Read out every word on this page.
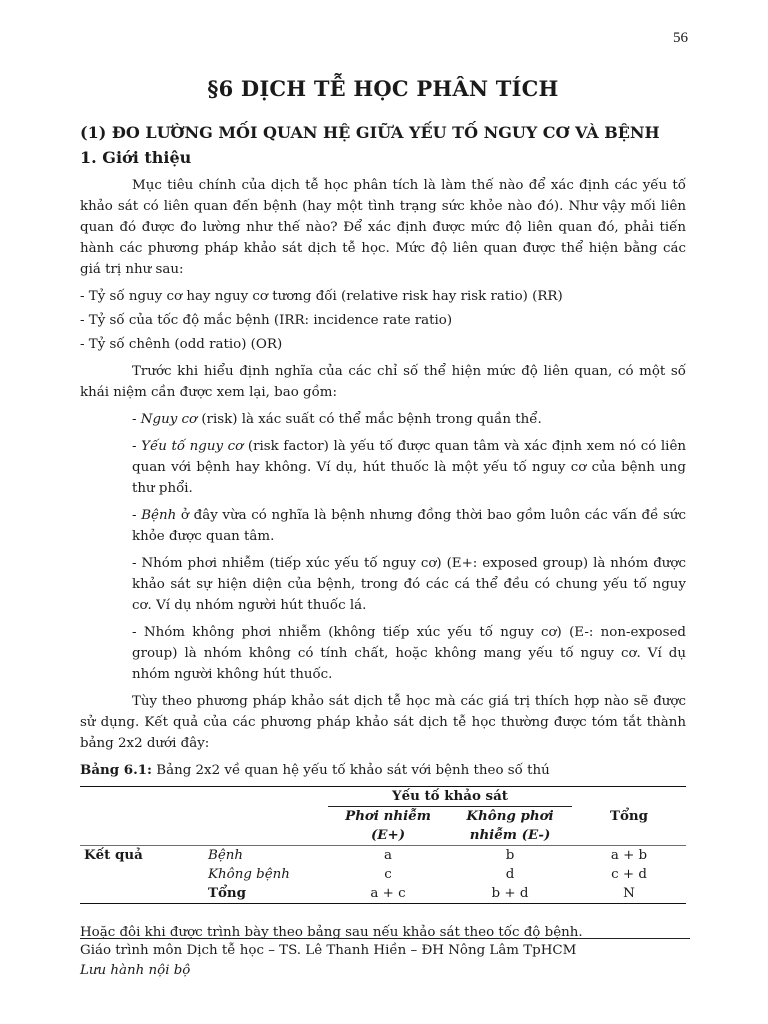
56
§6 DỊCH TỄ HỌC PHÂN TÍCH
(1) ĐO LƯỜNG MỐI QUAN HỆ GIỮA YẾU TỐ NGUY CƠ VÀ BỆNH
1. Giới thiệu

Mục tiêu chính của dịch tễ học phân tích là làm thế nào để xác định các yếu tố khảo sát có liên quan đến bệnh (hay một tình trạng sức khỏe nào đó). Như vậy mối liên quan đó được đo lường như thế nào? Để xác định được mức độ liên quan đó, phải tiến hành các phương pháp khảo sát dịch tễ học. Mức độ liên quan được thể hiện bằng các giá trị như sau:

- Tỷ số nguy cơ hay nguy cơ tương đối (relative risk hay risk ratio) (RR)

- Tỷ số của tốc độ mắc bệnh (IRR: incidence rate ratio)

- Tỷ số chênh (odd ratio) (OR)

Trước khi hiểu định nghĩa của các chỉ số thể hiện mức độ liên quan, có một số khái niệm cần được xem lại, bao gồm:

- Nguy cơ (risk) là xác suất có thể mắc bệnh trong quần thể.

- Yếu tố nguy cơ (risk factor) là yếu tố được quan tâm và xác định xem nó có liên quan với bệnh hay không. Ví dụ, hút thuốc là một yếu tố nguy cơ của bệnh ung thư phổi.

- Bệnh ở đây vừa có nghĩa là bệnh nhưng đồng thời bao gồm luôn các vấn đề sức khỏe được quan tâm.

- Nhóm phơi nhiễm (tiếp xúc yếu tố nguy cơ) (E+: exposed group) là nhóm được khảo sát sự hiện diện của bệnh, trong đó các cá thể đều có chung yếu tố nguy cơ. Ví dụ nhóm người hút thuốc lá.

- Nhóm không phơi nhiễm (không tiếp xúc yếu tố nguy cơ) (E-: non-exposed group) là nhóm không có tính chất, hoặc không mang yếu tố nguy cơ. Ví dụ nhóm người không hút thuốc.

Tùy theo phương pháp khảo sát dịch tễ học mà các giá trị thích hợp nào sẽ được sử dụng. Kết quả của các phương pháp khảo sát dịch tễ học thường được tóm tắt thành bảng 2x2 dưới đây:

Bảng 6.1: Bảng 2x2 về quan hệ yếu tố khảo sát với bệnh theo số thú

		Yếu tố khảo sát		Tổng
		Phơi nhiễm	Không phơi	
		(E+)	nhiễm (E-)	

Kết quả	Bệnh	a	b	a + b
	Không bệnh	c	d	c + d
	Tổng	a + c	b + d	N

Hoặc đôi khi được trình bày theo bảng sau nếu khảo sát theo tốc độ bệnh.

Giáo trình môn Dịch tễ học – TS. Lê Thanh Hiền – ĐH Nông Lâm TpHCM
Lưu hành nội bộ
